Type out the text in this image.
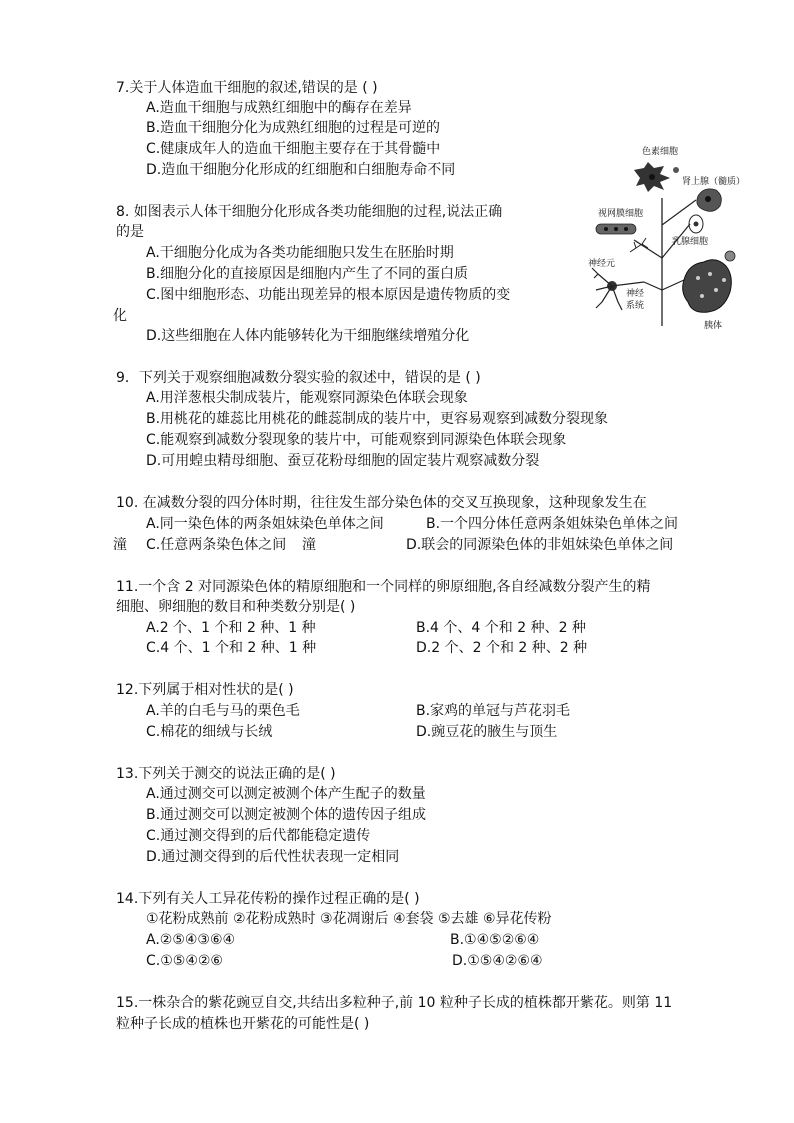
7.关于人体造血干细胞的叙述,错误的是 ( )
A.造血干细胞与成熟红细胞中的酶存在差异
B.造血干细胞分化为成熟红细胞的过程是可逆的
C.健康成年人的造血干细胞主要存在于其骨髓中
D.造血干细胞分化形成的红细胞和白细胞寿命不同
8. 如图表示人体干细胞分化形成各类功能细胞的过程,说法正确
的是
A.干细胞分化成为各类功能细胞只发生在胚胎时期
B.细胞分化的直接原因是细胞内产生了不同的蛋白质
C.图中细胞形态、功能出现差异的根本原因是遗传物质的变
化
D.这些细胞在人体内能够转化为干细胞继续增殖分化
色素细胞
肾上腺（髓质）
视网膜细胞
乳腺细胞
神经元
神经
系统
胰体
9．下列关于观察细胞减数分裂实验的叙述中，错误的是 ( )
A.用洋葱根尖制成装片，能观察同源染色体联会现象
B.用桃花的雄蕊比用桃花的雌蕊制成的装片中，更容易观察到减数分裂现象
C.能观察到减数分裂现象的装片中，可能观察到同源染色体联会现象
D.可用蝗虫精母细胞、蚕豆花粉母细胞的固定装片观察减数分裂
10. 在减数分裂的四分体时期，往往发生部分染色体的交叉互换现象，这种现象发生在
A.同一染色体的两条姐妹染色单体之间	B.一个四分体任意两条姐妹染色单体之间
潼 C.任意两条染色体之间 潼	D.联会的同源染色体的非姐妹染色单体之间
11.一个含 2 对同源染色体的精原细胞和一个同样的卵原细胞,各自经减数分裂产生的精
细胞、卵细胞的数目和种类数分别是( )
A.2 个、1 个和 2 种、1 种	B.4 个、4 个和 2 种、2 种
C.4 个、1 个和 2 种、1 种	D.2 个、2 个和 2 种、2 种
12.下列属于相对性状的是( )
A.羊的白毛与马的栗色毛	B.家鸡的单冠与芦花羽毛
C.棉花的细绒与长绒	D.豌豆花的腋生与顶生
13.下列关于测交的说法正确的是( )
A.通过测交可以测定被测个体产生配子的数量
B.通过测交可以测定被测个体的遗传因子组成
C.通过测交得到的后代都能稳定遗传
D.通过测交得到的后代性状表现一定相同
14.下列有关人工异花传粉的操作过程正确的是( )
①花粉成熟前 ②花粉成熟时 ③花凋谢后 ④套袋 ⑤去雄 ⑥异花传粉
A.②⑤④③⑥④	B.①④⑤②⑥④
C.①⑤④②⑥	D.①⑤④②⑥④
15.一株杂合的紫花豌豆自交,共结出多粒种子,前 10 粒种子长成的植株都开紫花。则第 11
粒种子长成的植株也开紫花的可能性是( )
